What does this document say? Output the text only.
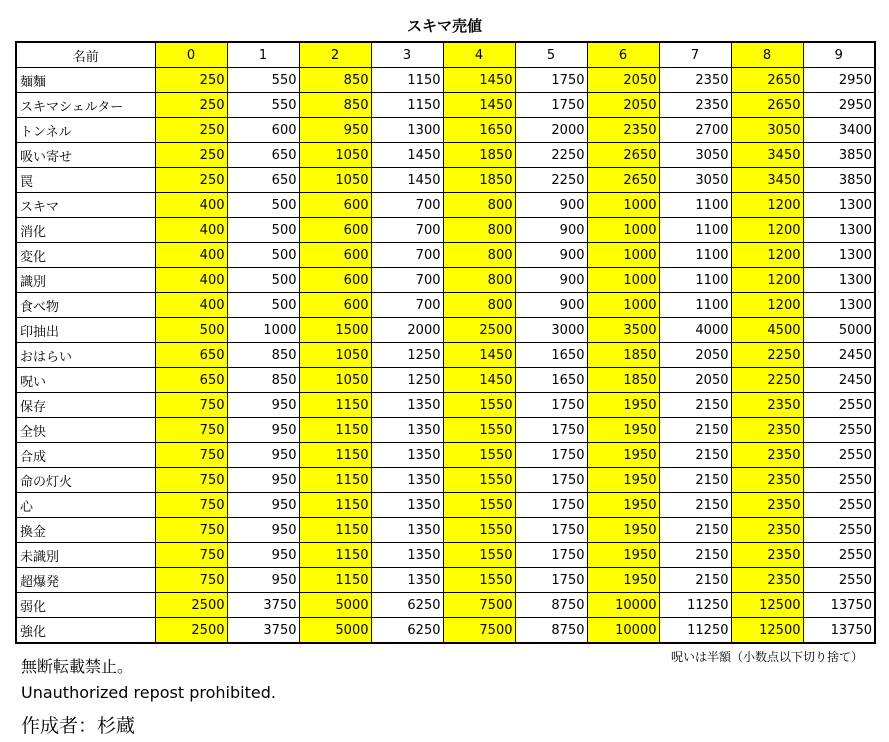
スキマ売値
名前	0	1	2	3	4	5	6	7	8	9
麺麵	250	550	850	1150	1450	1750	2050	2350	2650	2950
スキマシェルター	250	550	850	1150	1450	1750	2050	2350	2650	2950
トンネル	250	600	950	1300	1650	2000	2350	2700	3050	3400
吸い寄せ	250	650	1050	1450	1850	2250	2650	3050	3450	3850
罠	250	650	1050	1450	1850	2250	2650	3050	3450	3850
スキマ	400	500	600	700	800	900	1000	1100	1200	1300
消化	400	500	600	700	800	900	1000	1100	1200	1300
変化	400	500	600	700	800	900	1000	1100	1200	1300
識別	400	500	600	700	800	900	1000	1100	1200	1300
食べ物	400	500	600	700	800	900	1000	1100	1200	1300
印抽出	500	1000	1500	2000	2500	3000	3500	4000	4500	5000
おはらい	650	850	1050	1250	1450	1650	1850	2050	2250	2450
呪い	650	850	1050	1250	1450	1650	1850	2050	2250	2450
保存	750	950	1150	1350	1550	1750	1950	2150	2350	2550
全快	750	950	1150	1350	1550	1750	1950	2150	2350	2550
合成	750	950	1150	1350	1550	1750	1950	2150	2350	2550
命の灯火	750	950	1150	1350	1550	1750	1950	2150	2350	2550
心	750	950	1150	1350	1550	1750	1950	2150	2350	2550
換金	750	950	1150	1350	1550	1750	1950	2150	2350	2550
未識別	750	950	1150	1350	1550	1750	1950	2150	2350	2550
超爆発	750	950	1150	1350	1550	1750	1950	2150	2350	2550
弱化	2500	3750	5000	6250	7500	8750	10000	11250	12500	13750
強化	2500	3750	5000	6250	7500	8750	10000	11250	12500	13750
呪いは半額（小数点以下切り捨て）
無断転載禁止。
Unauthorized repost prohibited.
作成者：杉蔵
